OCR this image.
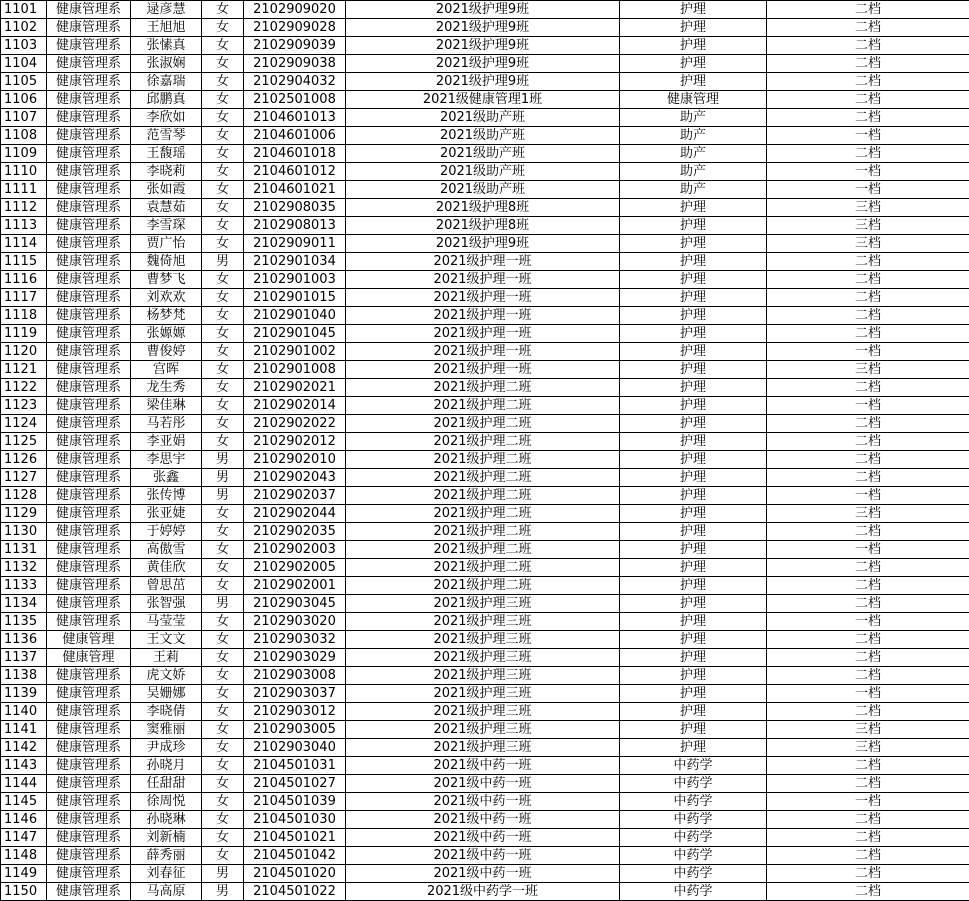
1101	健康管理系	逯彦慧	女	2102909020	2021级护理9班	护理	二档
1102	健康管理系	王旭旭	女	2102909028	2021级护理9班	护理	二档
1103	健康管理系	张愫真	女	2102909039	2021级护理9班	护理	二档
1104	健康管理系	张淑娴	女	2102909038	2021级护理9班	护理	二档
1105	健康管理系	徐嘉瑞	女	2102904032	2021级护理9班	护理	二档
1106	健康管理系	邱鹏真	女	2102501008	2021级健康管理1班	健康管理	二档
1107	健康管理系	李欣如	女	2104601013	2021级助产班	助产	二档
1108	健康管理系	范雪琴	女	2104601006	2021级助产班	助产	一档
1109	健康管理系	王馥瑶	女	2104601018	2021级助产班	助产	二档
1110	健康管理系	李晓莉	女	2104601012	2021级助产班	助产	一档
1111	健康管理系	张如霞	女	2104601021	2021级助产班	助产	一档
1112	健康管理系	袁慧茹	女	2102908035	2021级护理8班	护理	三档
1113	健康管理系	李雪琛	女	2102908013	2021级护理8班	护理	三档
1114	健康管理系	贾广怡	女	2102909011	2021级护理9班	护理	三档
1115	健康管理系	魏倚旭	男	2102901034	2021级护理一班	护理	二档
1116	健康管理系	曹梦飞	女	2102901003	2021级护理一班	护理	二档
1117	健康管理系	刘欢欢	女	2102901015	2021级护理一班	护理	二档
1118	健康管理系	杨梦梵	女	2102901040	2021级护理一班	护理	二档
1119	健康管理系	张嫄嫄	女	2102901045	2021级护理一班	护理	二档
1120	健康管理系	曹俊婷	女	2102901002	2021级护理一班	护理	一档
1121	健康管理系	宫晖	女	2102901008	2021级护理一班	护理	三档
1122	健康管理系	龙生秀	女	2102902021	2021级护理二班	护理	二档
1123	健康管理系	梁佳琳	女	2102902014	2021级护理二班	护理	一档
1124	健康管理系	马若彤	女	2102902022	2021级护理二班	护理	二档
1125	健康管理系	李亚娟	女	2102902012	2021级护理二班	护理	二档
1126	健康管理系	李思宇	男	2102902010	2021级护理二班	护理	二档
1127	健康管理系	张鑫	男	2102902043	2021级护理二班	护理	二档
1128	健康管理系	张传博	男	2102902037	2021级护理二班	护理	一档
1129	健康管理系	张亚婕	女	2102902044	2021级护理二班	护理	三档
1130	健康管理系	于婷婷	女	2102902035	2021级护理二班	护理	二档
1131	健康管理系	高傲雪	女	2102902003	2021级护理二班	护理	一档
1132	健康管理系	黄佳欣	女	2102902005	2021级护理二班	护理	二档
1133	健康管理系	曾思茁	女	2102902001	2021级护理二班	护理	二档
1134	健康管理系	张智强	男	2102903045	2021级护理三班	护理	二档
1135	健康管理系	马莹莹	女	2102903020	2021级护理三班	护理	一档
1136	健康管理	王文文	女	2102903032	2021级护理三班	护理	二档
1137	健康管理	王莉	女	2102903029	2021级护理三班	护理	二档
1138	健康管理系	虎文娇	女	2102903008	2021级护理三班	护理	二档
1139	健康管理系	吴姗娜	女	2102903037	2021级护理三班	护理	一档
1140	健康管理系	李晓倩	女	2102903012	2021级护理三班	护理	二档
1141	健康管理系	窦雅丽	女	2102903005	2021级护理三班	护理	三档
1142	健康管理系	尹成珍	女	2102903040	2021级护理三班	护理	三档
1143	健康管理系	孙晓月	女	2104501031	2021级中药一班	中药学	二档
1144	健康管理系	任甜甜	女	2104501027	2021级中药一班	中药学	二档
1145	健康管理系	徐周悦	女	2104501039	2021级中药一班	中药学	一档
1146	健康管理系	孙晓琳	女	2104501030	2021级中药一班	中药学	二档
1147	健康管理系	刘新楠	女	2104501021	2021级中药一班	中药学	二档
1148	健康管理系	薛秀丽	女	2104501042	2021级中药一班	中药学	二档
1149	健康管理系	刘春征	男	2104501020	2021级中药一班	中药学	二档
1150	健康管理系	马高原	男	2104501022	2021级中药学一班	中药学	二档
